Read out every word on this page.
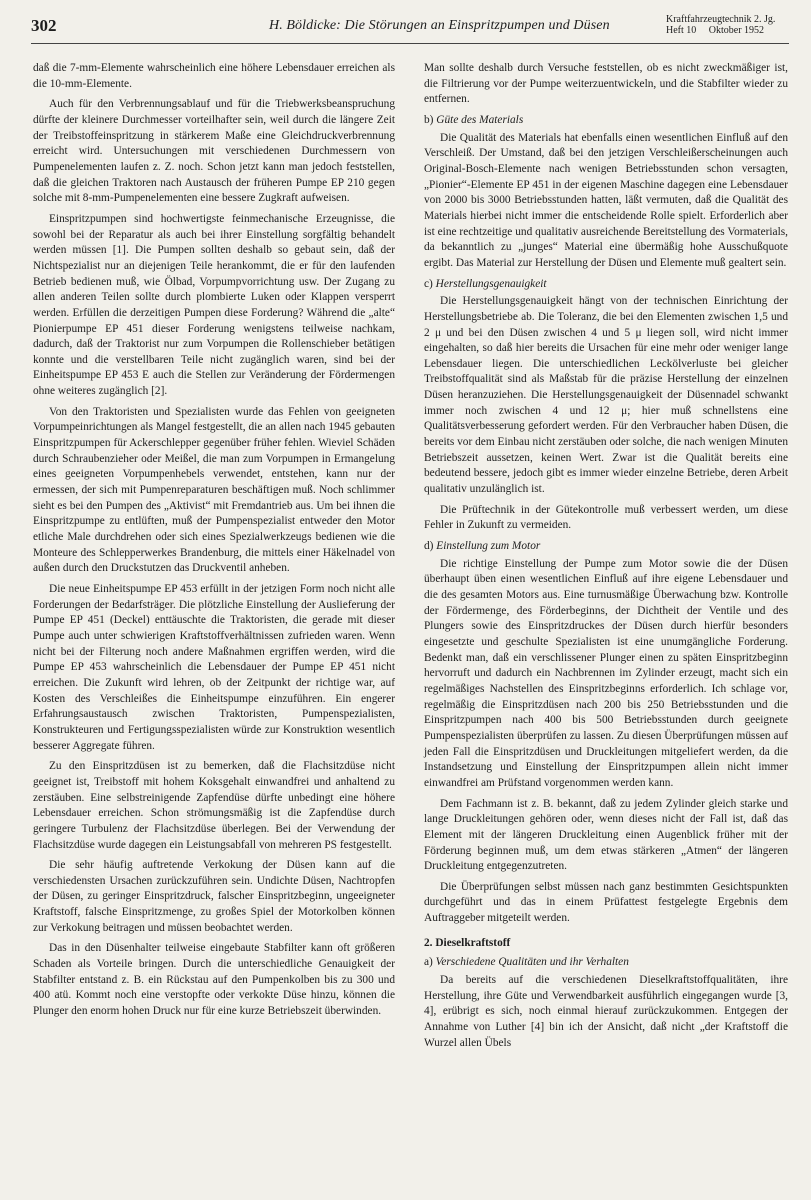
302	H. Böldicke: Die Störungen an Einspritzpumpen und Düsen	Kraftfahrzeugtechnik 2. Jg.
Heft 10     Oktober 1952

daß die 7-mm-Elemente wahrscheinlich eine höhere Lebensdauer erreichen als die 10-mm-Elemente.

Auch für den Verbrennungsablauf und für die Triebwerksbeanspruchung dürfte der kleinere Durchmesser vorteilhafter sein, weil durch die längere Zeit der Treibstoffeinspritzung in stärkerem Maße eine Gleichdruckverbrennung erreicht wird. Untersuchungen mit verschiedenen Durchmessern von Pumpenelementen laufen z. Z. noch. Schon jetzt kann man jedoch feststellen, daß die gleichen Traktoren nach Austausch der früheren Pumpe EP 210 gegen solche mit 8-mm-Pumpenelementen eine bessere Zugkraft aufweisen.

Einspritzpumpen sind hochwertigste feinmechanische Erzeugnisse, die sowohl bei der Reparatur als auch bei ihrer Einstellung sorgfältig behandelt werden müssen [1]. Die Pumpen sollten deshalb so gebaut sein, daß der Nichtspezialist nur an diejenigen Teile herankommt, die er für den laufenden Betrieb bedienen muß, wie Ölbad, Vorpumpvorrichtung usw. Der Zugang zu allen anderen Teilen sollte durch plombierte Luken oder Klappen versperrt werden. Erfüllen die derzeitigen Pumpen diese Forderung? Während die „alte“ Pionierpumpe EP 451 dieser Forderung wenigstens teilweise nachkam, dadurch, daß der Traktorist nur zum Vorpumpen die Rollenschieber betätigen konnte und die verstellbaren Teile nicht zugänglich waren, sind bei der Einheitspumpe EP 453 E auch die Stellen zur Veränderung der Fördermengen ohne weiteres zugänglich [2].

Von den Traktoristen und Spezialisten wurde das Fehlen von geeigneten Vorpumpeinrichtungen als Mangel festgestellt, die an allen nach 1945 gebauten Einspritzpumpen für Ackerschlepper gegenüber früher fehlen. Wieviel Schäden durch Schraubenzieher oder Meißel, die man zum Vorpumpen in Ermangelung eines geeigneten Vorpumpenhebels verwendet, entstehen, kann nur der ermessen, der sich mit Pumpenreparaturen beschäftigen muß. Noch schlimmer sieht es bei den Pumpen des „Aktivist“ mit Fremdantrieb aus. Um bei ihnen die Einspritzpumpe zu entlüften, muß der Pumpenspezialist entweder den Motor etliche Male durchdrehen oder sich eines Spezialwerkzeugs bedienen wie die Monteure des Schlepperwerkes Brandenburg, die mittels einer Häkelnadel von außen durch den Druckstutzen das Druckventil anheben.

Die neue Einheitspumpe EP 453 erfüllt in der jetzigen Form noch nicht alle Forderungen der Bedarfsträger. Die plötzliche Einstellung der Auslieferung der Pumpe EP 451 (Deckel) enttäuschte die Traktoristen, die gerade mit dieser Pumpe auch unter schwierigen Kraftstoffverhältnissen zufrieden waren. Wenn nicht bei der Filterung noch andere Maßnahmen ergriffen werden, wird die Pumpe EP 453 wahrscheinlich die Lebensdauer der Pumpe EP 451 nicht erreichen. Die Zukunft wird lehren, ob der Zeitpunkt der richtige war, auf Kosten des Verschleißes die Einheitspumpe einzuführen. Ein engerer Erfahrungsaustausch zwischen Traktoristen, Pumpenspezialisten, Konstrukteuren und Fertigungsspezialisten würde zur Konstruktion wesentlich besserer Aggregate führen.

Zu den Einspritzdüsen ist zu bemerken, daß die Flachsitzdüse nicht geeignet ist, Treibstoff mit hohem Koksgehalt einwandfrei und anhaltend zu zerstäuben. Eine selbstreinigende Zapfendüse dürfte unbedingt eine höhere Lebensdauer erreichen. Schon strömungsmäßig ist die Zapfendüse durch geringere Turbulenz der Flachsitzdüse überlegen. Bei der Verwendung der Flachsitzdüse wurde dagegen ein Leistungsabfall von mehreren PS festgestellt.

Die sehr häufig auftretende Verkokung der Düsen kann auf die verschiedensten Ursachen zurückzuführen sein. Undichte Düsen, Nachtropfen der Düsen, zu geringer Einspritzdruck, falscher Einspritzbeginn, ungeeigneter Kraftstoff, falsche Einspritzmenge, zu großes Spiel der Motorkolben können zur Verkokung beitragen und müssen beobachtet werden.

Das in den Düsenhalter teilweise eingebaute Stabfilter kann oft größeren Schaden als Vorteile bringen. Durch die unterschiedliche Genauigkeit der Stabfilter entstand z. B. ein Rückstau auf den Pumpenkolben bis zu 300 und 400 atü. Kommt noch eine verstopfte oder verkokte Düse hinzu, können die Plunger den enorm hohen Druck nur für eine kurze Betriebszeit überwinden.

Man sollte deshalb durch Versuche feststellen, ob es nicht zweckmäßiger ist, die Filtrierung vor der Pumpe weiterzuentwickeln, und die Stabfilter wieder zu entfernen.

b) Güte des Materials

Die Qualität des Materials hat ebenfalls einen wesentlichen Einfluß auf den Verschleiß. Der Umstand, daß bei den jetzigen Verschleißerscheinungen auch Original-Bosch-Elemente nach wenigen Betriebsstunden schon versagten, „Pionier“-Elemente EP 451 in der eigenen Maschine dagegen eine Lebensdauer von 2000 bis 3000 Betriebsstunden hatten, läßt vermuten, daß die Qualität des Materials hierbei nicht immer die entscheidende Rolle spielt. Erforderlich aber ist eine rechtzeitige und qualitativ ausreichende Bereitstellung des Vormaterials, da bekanntlich zu „junges“ Material eine übermäßig hohe Ausschußquote ergibt. Das Material zur Herstellung der Düsen und Elemente muß gealtert sein.

c) Herstellungsgenauigkeit

Die Herstellungsgenauigkeit hängt von der technischen Einrichtung der Herstellungsbetriebe ab. Die Toleranz, die bei den Elementen zwischen 1,5 und 2 μ und bei den Düsen zwischen 4 und 5 μ liegen soll, wird nicht immer eingehalten, so daß hier bereits die Ursachen für eine mehr oder weniger lange Lebensdauer liegen. Die unterschiedlichen Leckölverluste bei gleicher Treibstoffqualität sind als Maßstab für die präzise Herstellung der einzelnen Düsen heranzuziehen. Die Herstellungsgenauigkeit der Düsennadel schwankt immer noch zwischen 4 und 12 μ; hier muß schnellstens eine Qualitätsverbesserung gefordert werden. Für den Verbraucher haben Düsen, die bereits vor dem Einbau nicht zerstäuben oder solche, die nach wenigen Minuten Betriebszeit aussetzen, keinen Wert. Zwar ist die Qualität bereits eine bedeutend bessere, jedoch gibt es immer wieder einzelne Betriebe, deren Arbeit qualitativ unzulänglich ist.

Die Prüftechnik in der Gütekontrolle muß verbessert werden, um diese Fehler in Zukunft zu vermeiden.

d) Einstellung zum Motor

Die richtige Einstellung der Pumpe zum Motor sowie die der Düsen überhaupt üben einen wesentlichen Einfluß auf ihre eigene Lebensdauer und die des gesamten Motors aus. Eine turnusmäßige Überwachung bzw. Kontrolle der Fördermenge, des Förderbeginns, der Dichtheit der Ventile und des Plungers sowie des Einspritzdruckes der Düsen durch hierfür besonders eingesetzte und geschulte Spezialisten ist eine unumgängliche Forderung. Bedenkt man, daß ein verschlissener Plunger einen zu späten Einspritzbeginn hervorruft und dadurch ein Nachbrennen im Zylinder erzeugt, macht sich ein regelmäßiges Nachstellen des Einspritzbeginns erforderlich. Ich schlage vor, regelmäßig die Einspritzdüsen nach 200 bis 250 Betriebsstunden und die Einspritzpumpen nach 400 bis 500 Betriebsstunden durch geeignete Pumpenspezialisten überprüfen zu lassen. Zu diesen Überprüfungen müssen auf jeden Fall die Einspritzdüsen und Druckleitungen mitgeliefert werden, da die Instandsetzung und Einstellung der Einspritzpumpen allein nicht immer einwandfrei am Prüfstand vorgenommen werden kann.

Dem Fachmann ist z. B. bekannt, daß zu jedem Zylinder gleich starke und lange Druckleitungen gehören oder, wenn dieses nicht der Fall ist, daß das Element mit der längeren Druckleitung einen Augenblick früher mit der Förderung beginnen muß, um dem etwas stärkeren „Atmen“ der längeren Druckleitung entgegenzutreten.

Die Überprüfungen selbst müssen nach ganz bestimmten Gesichtspunkten durchgeführt und das in einem Prüfattest festgelegte Ergebnis dem Auftraggeber mitgeteilt werden.

2. Dieselkraftstoff
a) Verschiedene Qualitäten und ihr Verhalten

Da bereits auf die verschiedenen Dieselkraftstoffqualitäten, ihre Herstellung, ihre Güte und Verwendbarkeit ausführlich eingegangen wurde [3, 4], erübrigt es sich, noch einmal hierauf zurückzukommen. Entgegen der Annahme von Luther [4] bin ich der Ansicht, daß nicht „der Kraftstoff die Wurzel allen Übels
